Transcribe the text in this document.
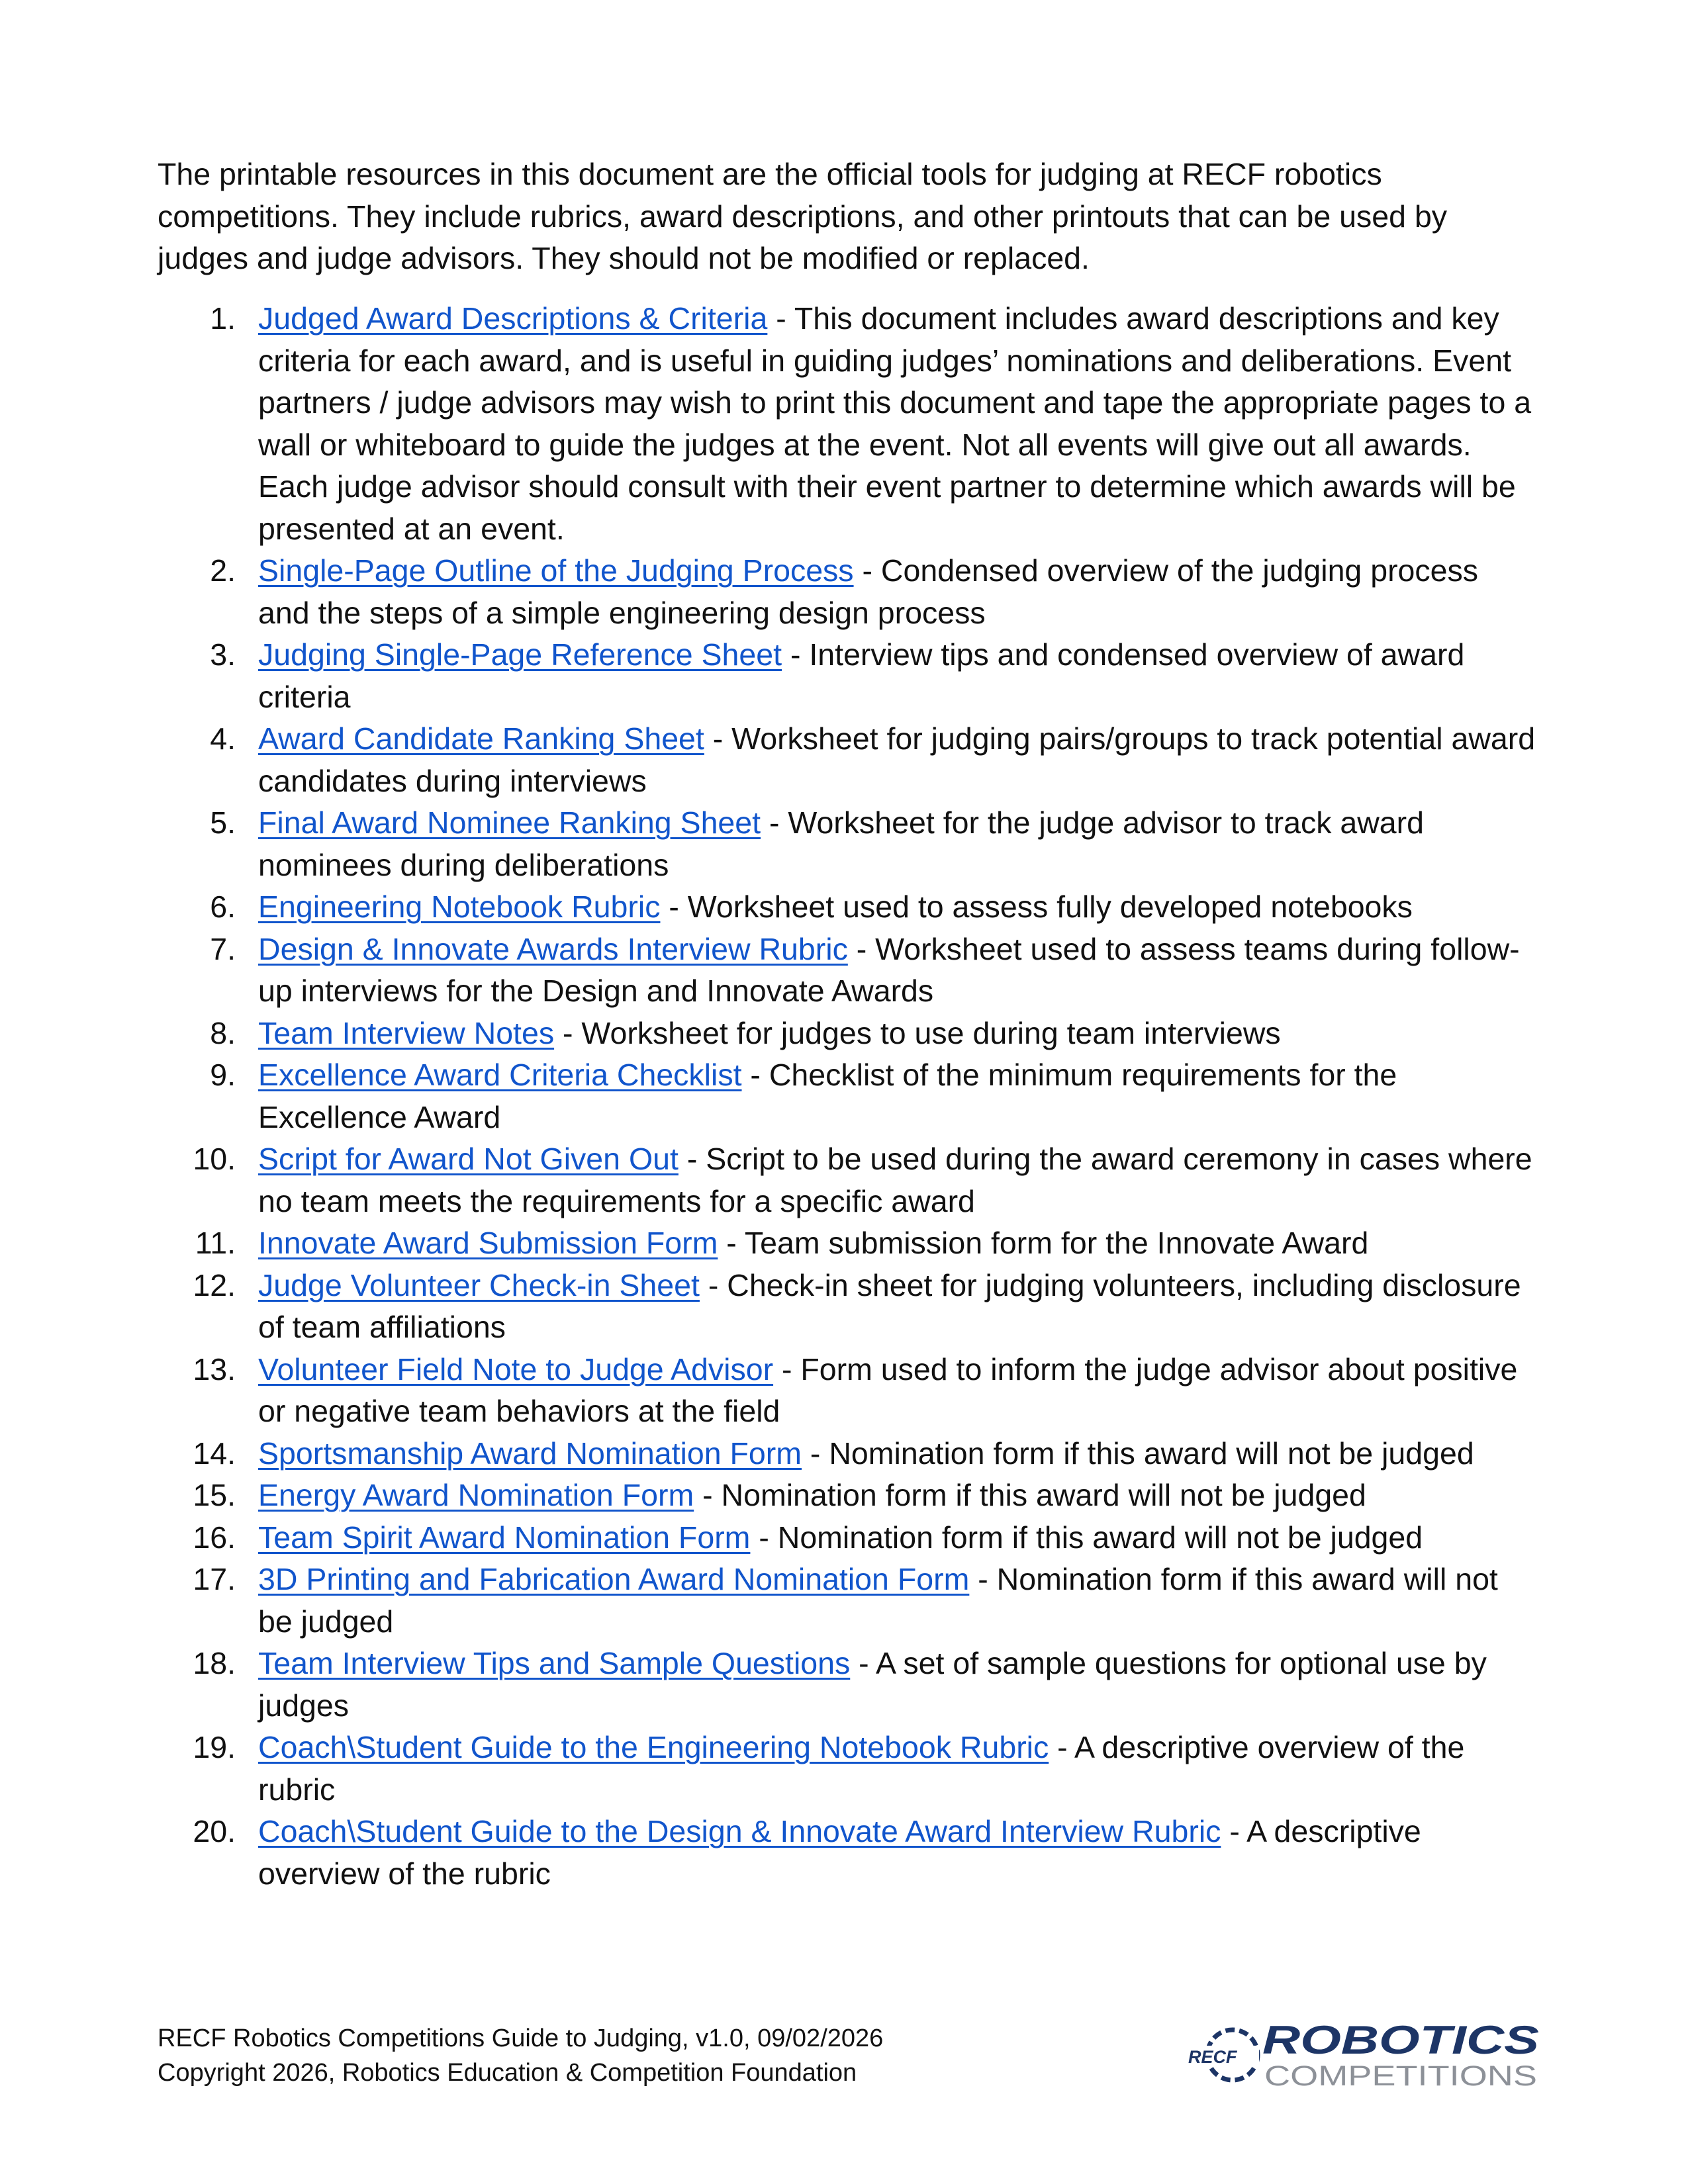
The printable resources in this document are the official tools for judging at RECF robotics competitions. They include rubrics, award descriptions, and other printouts that can be used by judges and judge advisors. They should not be modified or replaced.

1. Judged Award Descriptions & Criteria - This document includes award descriptions and key criteria for each award, and is useful in guiding judges’ nominations and deliberations. Event partners / judge advisors may wish to print this document and tape the appropriate pages to a wall or whiteboard to guide the judges at the event. Not all events will give out all awards. Each judge advisor should consult with their event partner to determine which awards will be presented at an event.
2. Single-Page Outline of the Judging Process - Condensed overview of the judging process and the steps of a simple engineering design process
3. Judging Single-Page Reference Sheet - Interview tips and condensed overview of award criteria
4. Award Candidate Ranking Sheet - Worksheet for judging pairs/groups to track potential award candidates during interviews
5. Final Award Nominee Ranking Sheet - Worksheet for the judge advisor to track award nominees during deliberations
6. Engineering Notebook Rubric - Worksheet used to assess fully developed notebooks
7. Design & Innovate Awards Interview Rubric - Worksheet used to assess teams during follow-up interviews for the Design and Innovate Awards
8. Team Interview Notes - Worksheet for judges to use during team interviews
9. Excellence Award Criteria Checklist - Checklist of the minimum requirements for the Excellence Award
10. Script for Award Not Given Out - Script to be used during the award ceremony in cases where no team meets the requirements for a specific award
11. Innovate Award Submission Form - Team submission form for the Innovate Award
12. Judge Volunteer Check-in Sheet - Check-in sheet for judging volunteers, including disclosure of team affiliations
13. Volunteer Field Note to Judge Advisor - Form used to inform the judge advisor about positive or negative team behaviors at the field
14. Sportsmanship Award Nomination Form - Nomination form if this award will not be judged
15. Energy Award Nomination Form - Nomination form if this award will not be judged
16. Team Spirit Award Nomination Form - Nomination form if this award will not be judged
17. 3D Printing and Fabrication Award Nomination Form - Nomination form if this award will not be judged
18. Team Interview Tips and Sample Questions - A set of sample questions for optional use by judges
19. Coach\Student Guide to the Engineering Notebook Rubric - A descriptive overview of the rubric
20. Coach\Student Guide to the Design & Innovate Award Interview Rubric - A descriptive overview of the rubric
RECF Robotics Competitions Guide to Judging, v1.0, 09/02/2026
Copyright 2026, Robotics Education & Competition Foundation
RECF ROBOTICS
COMPETITIONS
